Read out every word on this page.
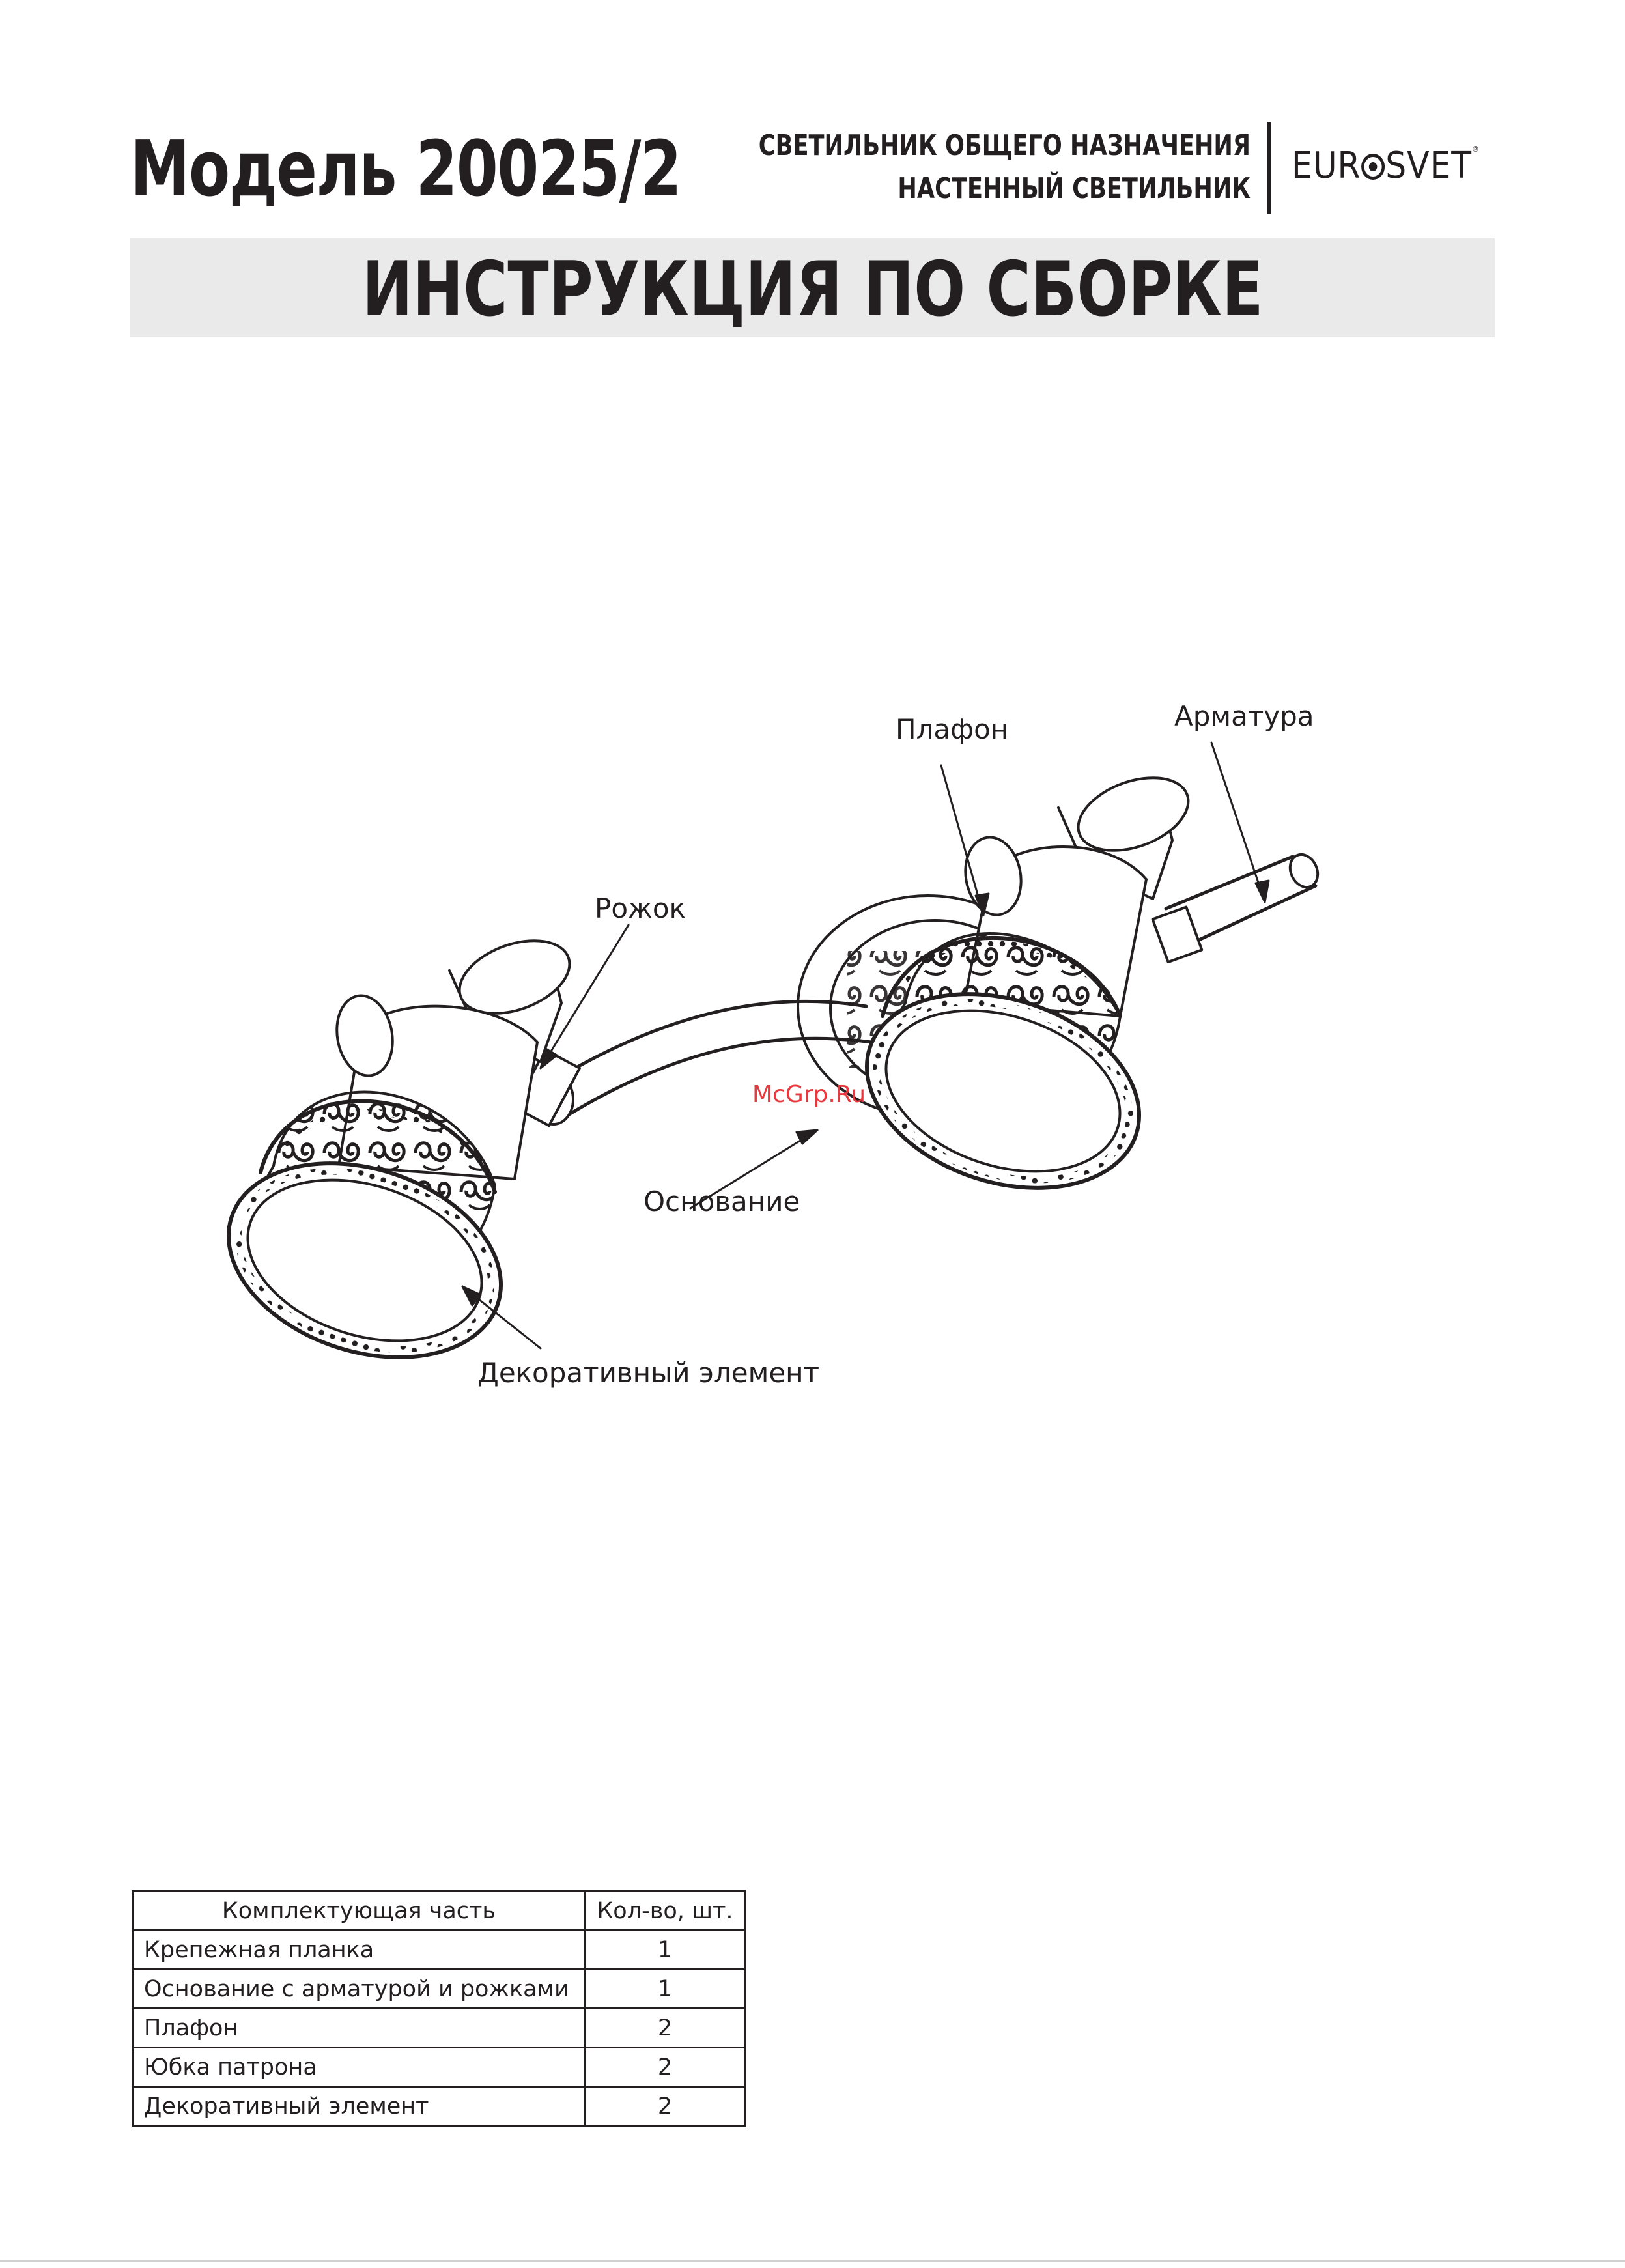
Модель 20025/2	СВЕТИЛЬНИК ОБЩЕГО НАЗНАЧЕНИЯ
НАСТЕННЫЙ СВЕТИЛЬНИК
EUR SVET®
ИНСТРУКЦИЯ ПО СБОРКЕ
Плафон	Арматура
Рожок
Основание
Декоративный элемент
McGrp.Ru
Комплектующая часть	Кол-во, шт.
Крепежная планка	1
Основание с арматурой и рожками	1
Плафон	2
Юбка патрона	2
Декоративный элемент	2
